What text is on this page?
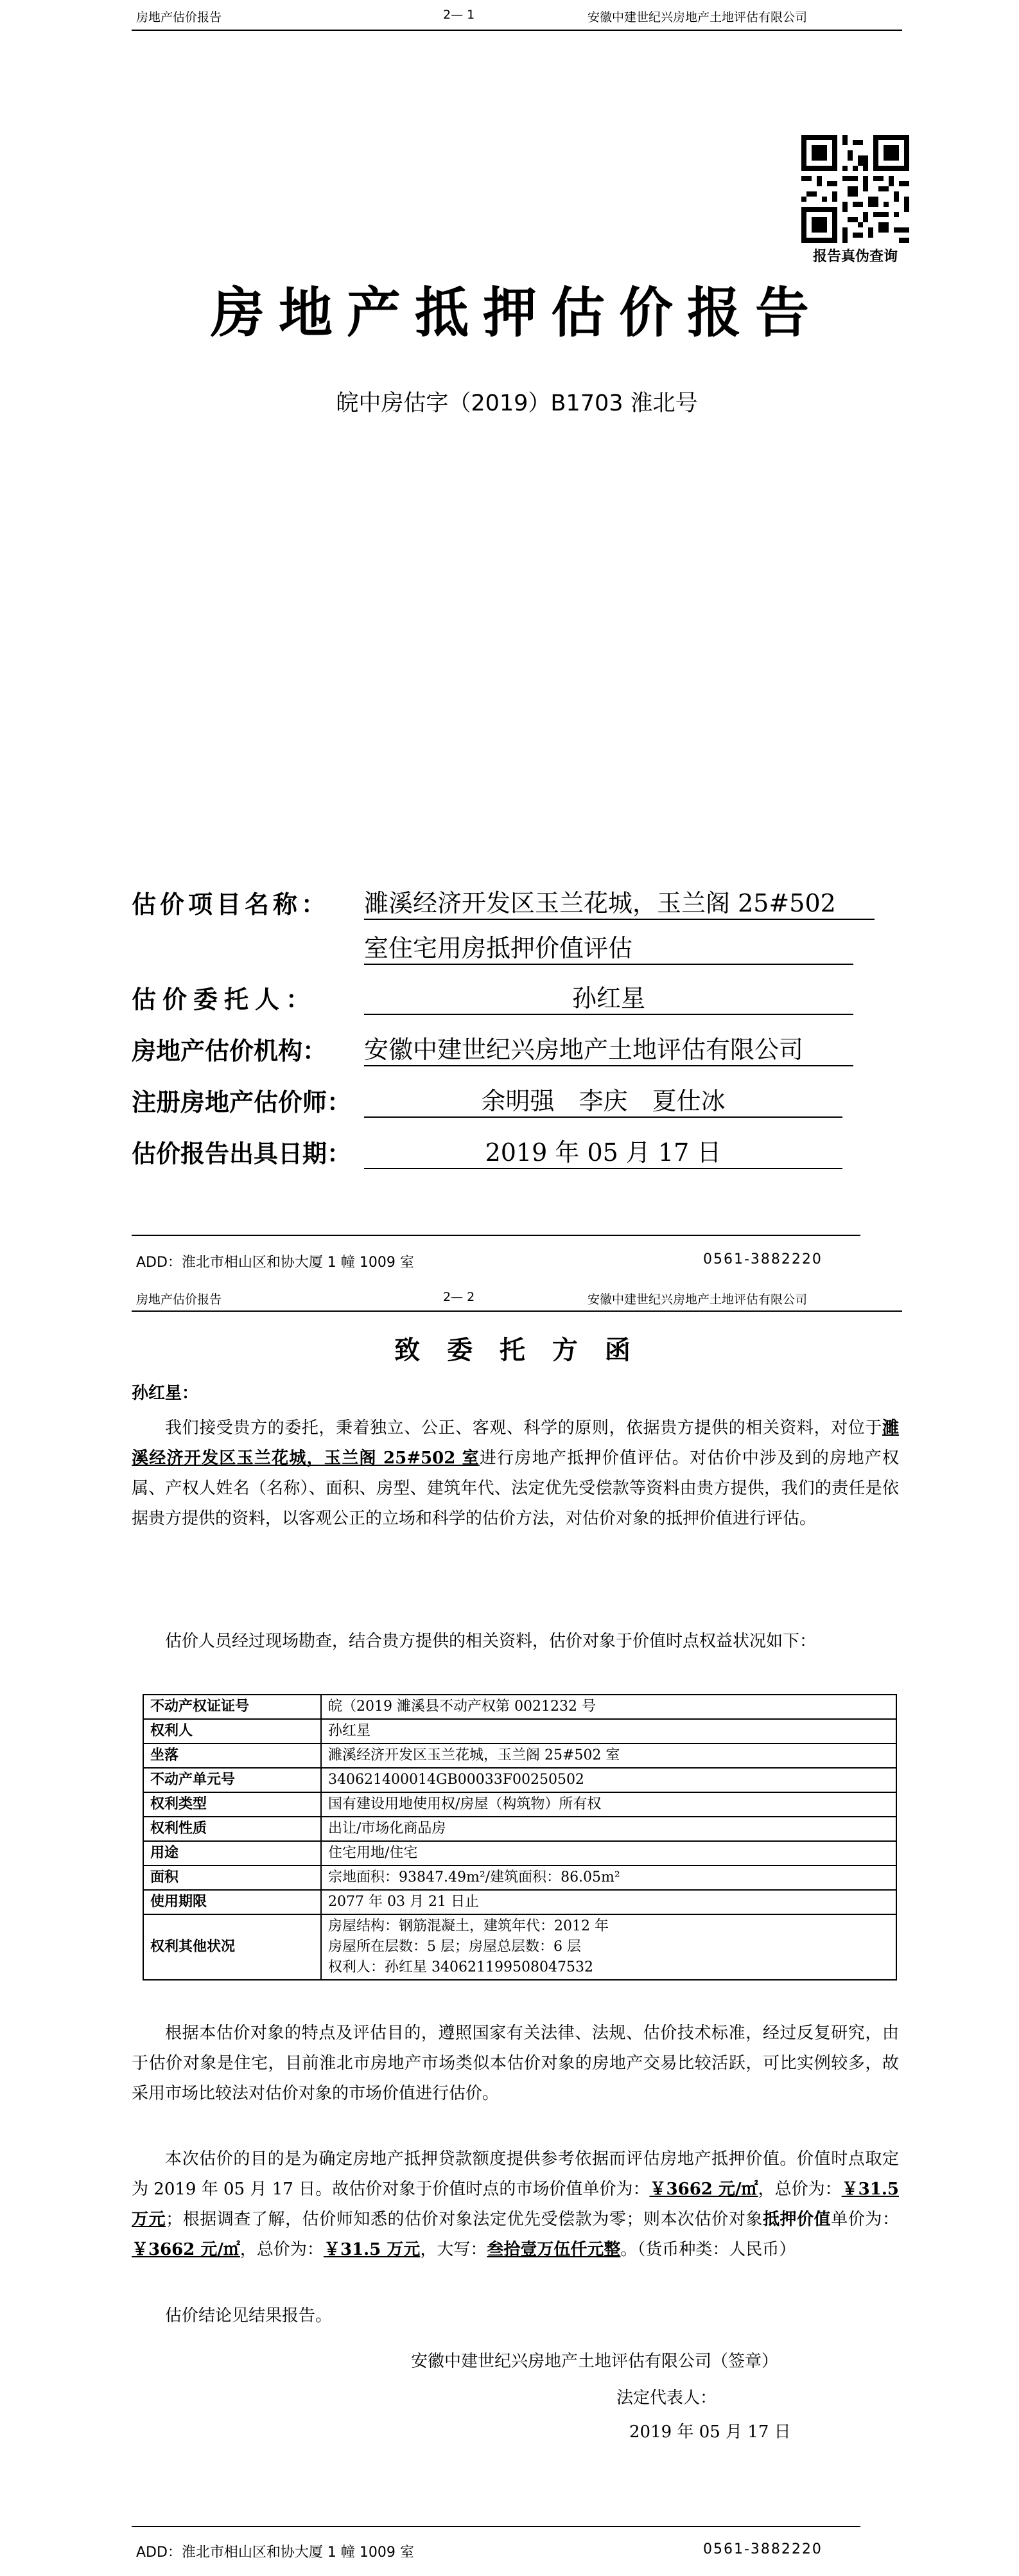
房地产估价报告	2— 1	安徽中建世纪兴房地产土地评估有限公司
报告真伪查询
房地产抵押估价报告
皖中房估字（2019）B1703 淮北号
估价项目名称：	濉溪经济开发区玉兰花城，玉兰阁 25#502
室住宅用房抵押价值评估
估价委托人：	孙红星
房地产估价机构：	安徽中建世纪兴房地产土地评估有限公司
注册房地产估价师：	余明强　李庆　夏仕冰
估价报告出具日期：	2019 年 05 月 17 日
ADD：淮北市相山区和协大厦 1 幢 1009 室	0561-3882220
房地产估价报告	2— 2	安徽中建世纪兴房地产土地评估有限公司
致 委 托 方 函
孙红星：
我们接受贵方的委托，秉着独立、公正、客观、科学的原则，依据贵方提供的相关资料，对位于濉溪经济开发区玉兰花城，玉兰阁 25#502 室进行房地产抵押价值评估。对估价中涉及到的房地产权属、产权人姓名（名称）、面积、房型、建筑年代、法定优先受偿款等资料由贵方提供，我们的责任是依据贵方提供的资料，以客观公正的立场和科学的估价方法，对估价对象的抵押价值进行评估。
估价人员经过现场勘查，结合贵方提供的相关资料，估价对象于价值时点权益状况如下：
不动产权证证号	皖（2019 濉溪县不动产权第 0021232 号
权利人	孙红星
坐落	濉溪经济开发区玉兰花城，玉兰阁 25#502 室
不动产单元号	340621400014GB00033F00250502
权利类型	国有建设用地使用权/房屋（构筑物）所有权
权利性质	出让/市场化商品房
用途	住宅用地/住宅
面积	宗地面积：93847.49m²/建筑面积：86.05m²
使用期限	2077 年 03 月 21 日止
权利其他状况	房屋结构：钢筋混凝土，建筑年代：2012 年
房屋所在层数：5 层；房屋总层数：6 层
权利人：孙红星 340621199508047532
根据本估价对象的特点及评估目的，遵照国家有关法律、法规、估价技术标准，经过反复研究，由于估价对象是住宅，目前淮北市房地产市场类似本估价对象的房地产交易比较活跃，可比实例较多，故采用市场比较法对估价对象的市场价值进行估价。
本次估价的目的是为确定房地产抵押贷款额度提供参考依据而评估房地产抵押价值。价值时点取定为 2019 年 05 月 17 日。故估价对象于价值时点的市场价值单价为：￥3662 元/㎡，总价为：￥31.5 万元；根据调查了解，估价师知悉的估价对象法定优先受偿款为零；则本次估价对象抵押价值单价为：￥3662 元/㎡，总价为：￥31.5 万元，大写：叁拾壹万伍仟元整。（货币种类：人民币）
估价结论见结果报告。
安徽中建世纪兴房地产土地评估有限公司（签章）
法定代表人：
2019 年 05 月 17 日
ADD：淮北市相山区和协大厦 1 幢 1009 室	0561-3882220
